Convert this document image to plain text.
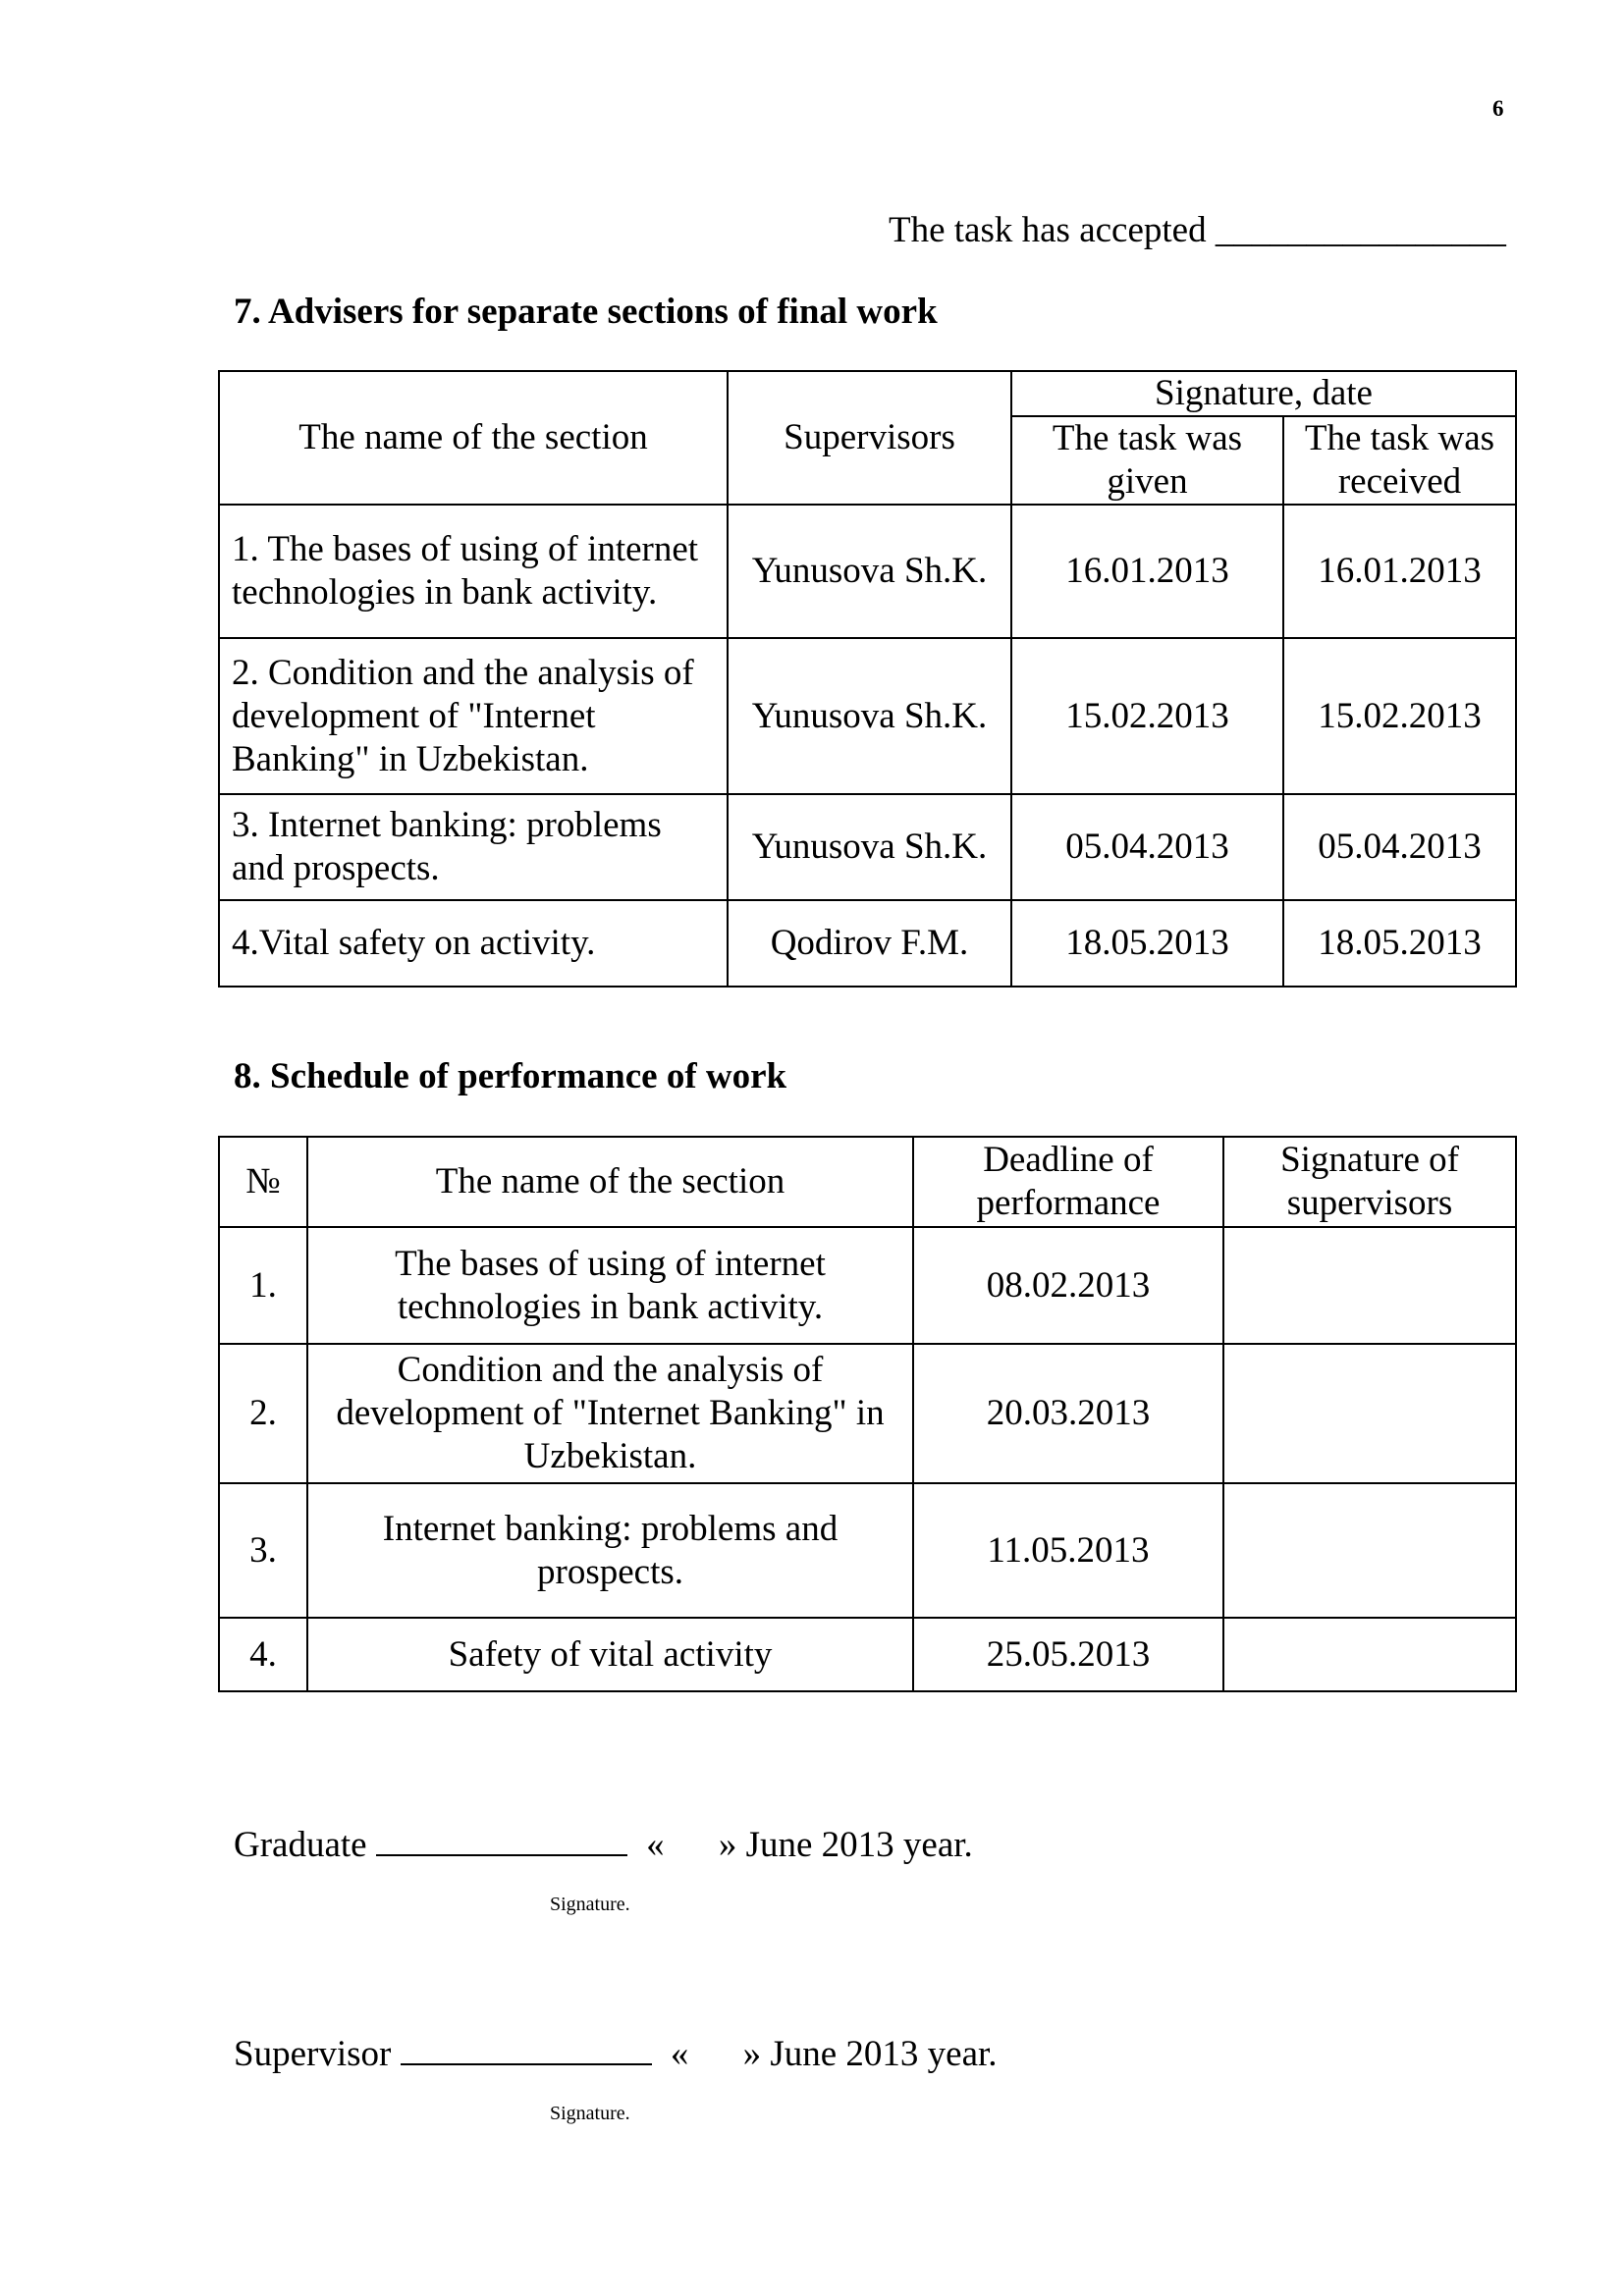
6
The task has accepted ________________
7. Advisers for separate sections of final work
The name of the section	Supervisors	Signature, date	
		The task was given	The task was received
1. The bases of using of internet technologies in bank activity.	Yunusova Sh.K.	16.01.2013	16.01.2013
2. Condition and the analysis of development of "Internet Banking" in Uzbekistan.	Yunusova Sh.K.	15.02.2013	15.02.2013
3. Internet banking: problems and prospects.	Yunusova Sh.K.	05.04.2013	05.04.2013
4.Vital safety on activity.	Qodirov F.M.	18.05.2013	18.05.2013
8. Schedule of performance of work
№	The name of the section	Deadline of performance	Signature of supervisors
1.	The bases of using of internet technologies in bank activity.	08.02.2013	
2.	Condition and the analysis of development of "Internet Banking" in Uzbekistan.	20.03.2013	
3.	Internet banking: problems and prospects.	11.05.2013	
4.	Safety of vital activity	25.05.2013	
Graduate	« » June 2013 year.
Signature.
Supervisor	« » June 2013 year.
Signature.
